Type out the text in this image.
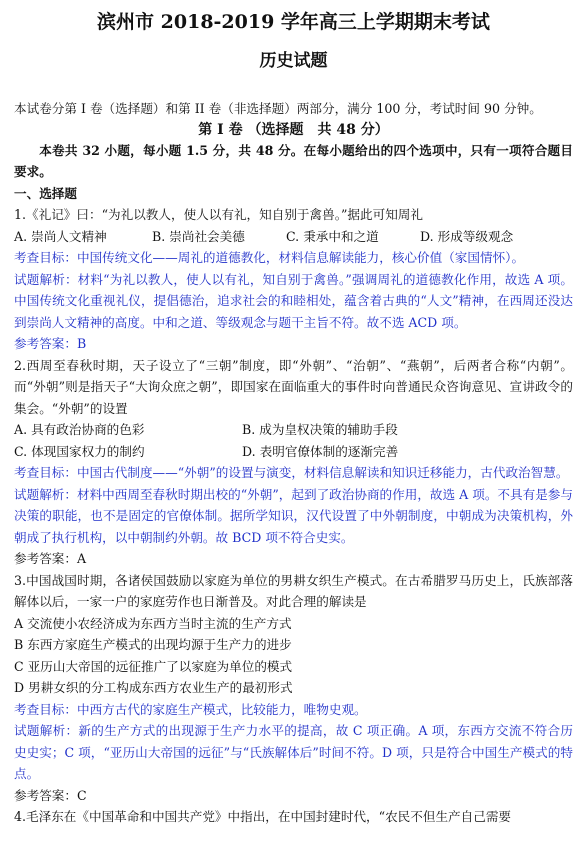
滨州市 2018-2019 学年高三上学期期末考试
历史试题

本试卷分第 I 卷（选择题）和第 II 卷（非选择题）两部分，满分 100 分，考试时间 90 分钟。

第 I 卷 （选择题　共 48 分）

本卷共 32 小题，每小题 1.5 分，共 48 分。在每小题给出的四个选项中，只有一项符合题目要求。

一、选择题

1.《礼记》曰：“为礼以教人，使人以有礼，知自别于禽兽。”据此可知周礼

A. 崇尚人文精神	B. 崇尚社会美德	C. 秉承中和之道	D. 形成等级观念

考查目标：中国传统文化——周礼的道德教化，材料信息解读能力，核心价值（家国情怀）。

试题解析：材料“为礼以教人，使人以有礼，知自别于禽兽。”强调周礼的道德教化作用，故选 A 项。中国传统文化重视礼仪，提倡德治，追求社会的和睦相处，蕴含着古典的“人文”精神，在西周还没达到崇尚人文精神的高度。中和之道、等级观念与题干主旨不符。故不选 ACD 项。

参考答案：B

2.西周至春秋时期，天子设立了“三朝”制度，即“外朝”、“治朝”、“燕朝”，后两者合称“内朝”。而“外朝”则是指天子“大询众庶之朝”，即国家在面临重大的事件时向普通民众咨询意见、宣讲政令的集会。“外朝”的设置

A. 具有政治协商的色彩	B. 成为皇权决策的辅助手段
C. 体现国家权力的制约	D. 表明官僚体制的逐渐完善

考查目标：中国古代制度——“外朝”的设置与演变，材料信息解读和知识迁移能力，古代政治智慧。

试题解析：材料中西周至春秋时期出校的“外朝”，起到了政治协商的作用，故选 A 项。不具有是参与决策的职能，也不是固定的官僚体制。据所学知识，汉代设置了中外朝制度，中朝成为决策机构，外朝成了执行机构，以中朝制约外朝。故 BCD 项不符合史实。

参考答案：A

3.中国战国时期，各诸侯国鼓励以家庭为单位的男耕女织生产模式。在古希腊罗马历史上，氏族部落解体以后，一家一户的家庭劳作也日渐普及。对此合理的解读是

A 交流使小农经济成为东西方当时主流的生产方式

B 东西方家庭生产模式的出现均源于生产力的进步

C 亚历山大帝国的远征推广了以家庭为单位的模式

D 男耕女织的分工构成东西方农业生产的最初形式

考查目标：中西方古代的家庭生产模式，比较能力，唯物史观。

试题解析：新的生产方式的出现源于生产力水平的提高，故 C 项正确。A 项，东西方交流不符合历史史实；C 项，“亚历山大帝国的远征”与“氏族解体后”时间不符。D 项，只是符合中国生产模式的特点。

参考答案：C

4.毛泽东在《中国革命和中国共产党》中指出，在中国封建时代，“农民不但生产自己需要
